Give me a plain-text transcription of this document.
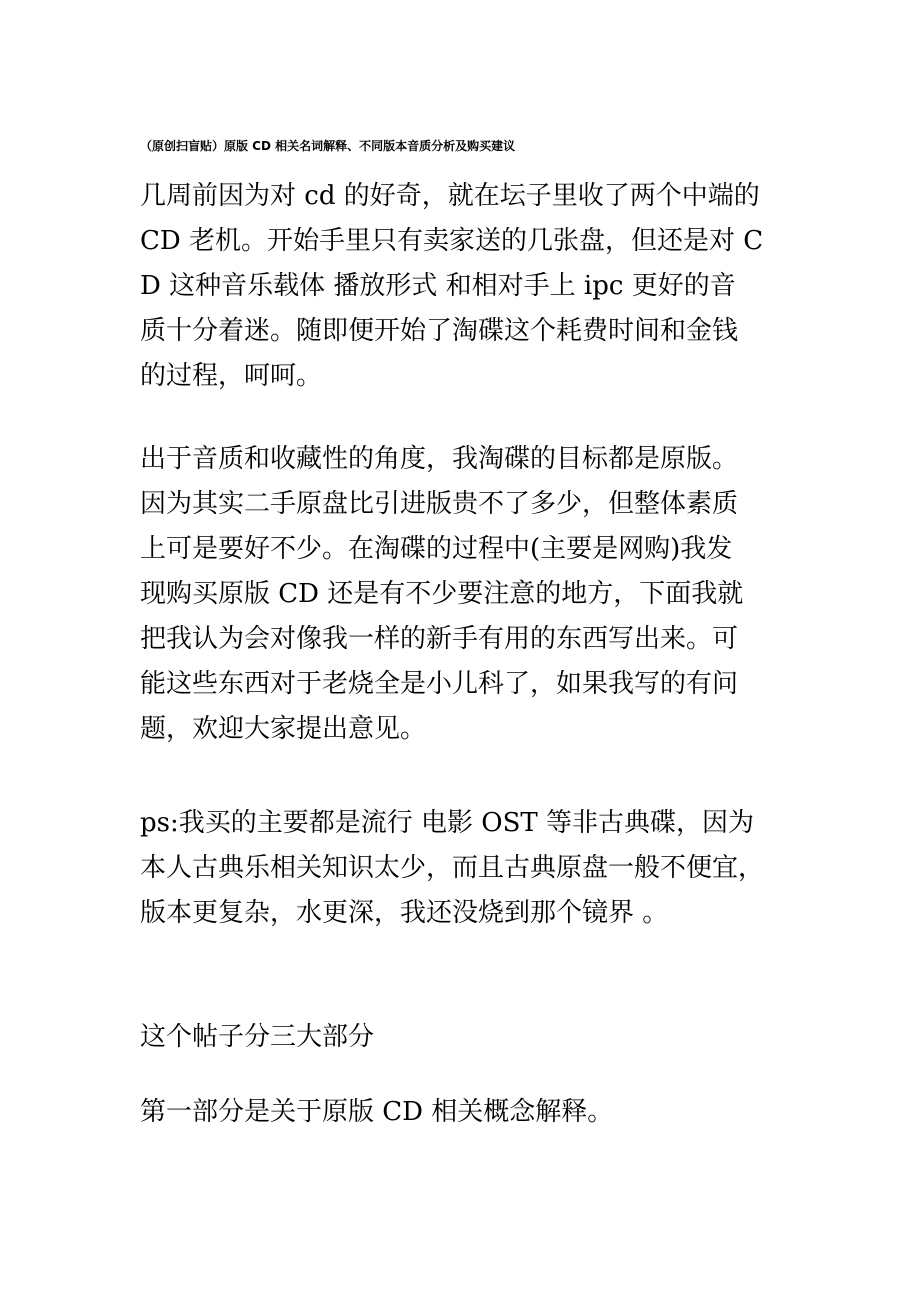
（原创扫盲贴）原版 CD 相关名词解释、不同版本音质分析及购买建议
几周前因为对 cd 的好奇，就在坛子里收了两个中端的
CD 老机。开始手里只有卖家送的几张盘，但还是对 C
D 这种音乐载体 播放形式 和相对手上 ipc 更好的音
质十分着迷。随即便开始了淘碟这个耗费时间和金钱
的过程，呵呵。
出于音质和收藏性的角度，我淘碟的目标都是原版。
因为其实二手原盘比引进版贵不了多少，但整体素质
上可是要好不少。在淘碟的过程中(主要是网购)我发
现购买原版 CD 还是有不少要注意的地方，下面我就
把我认为会对像我一样的新手有用的东西写出来。可
能这些东西对于老烧全是小儿科了，如果我写的有问
题，欢迎大家提出意见。
ps:我买的主要都是流行 电影 OST 等非古典碟，因为
本人古典乐相关知识太少，而且古典原盘一般不便宜，
版本更复杂，水更深，我还没烧到那个镜界 。
这个帖子分三大部分
第一部分是关于原版 CD 相关概念解释。
